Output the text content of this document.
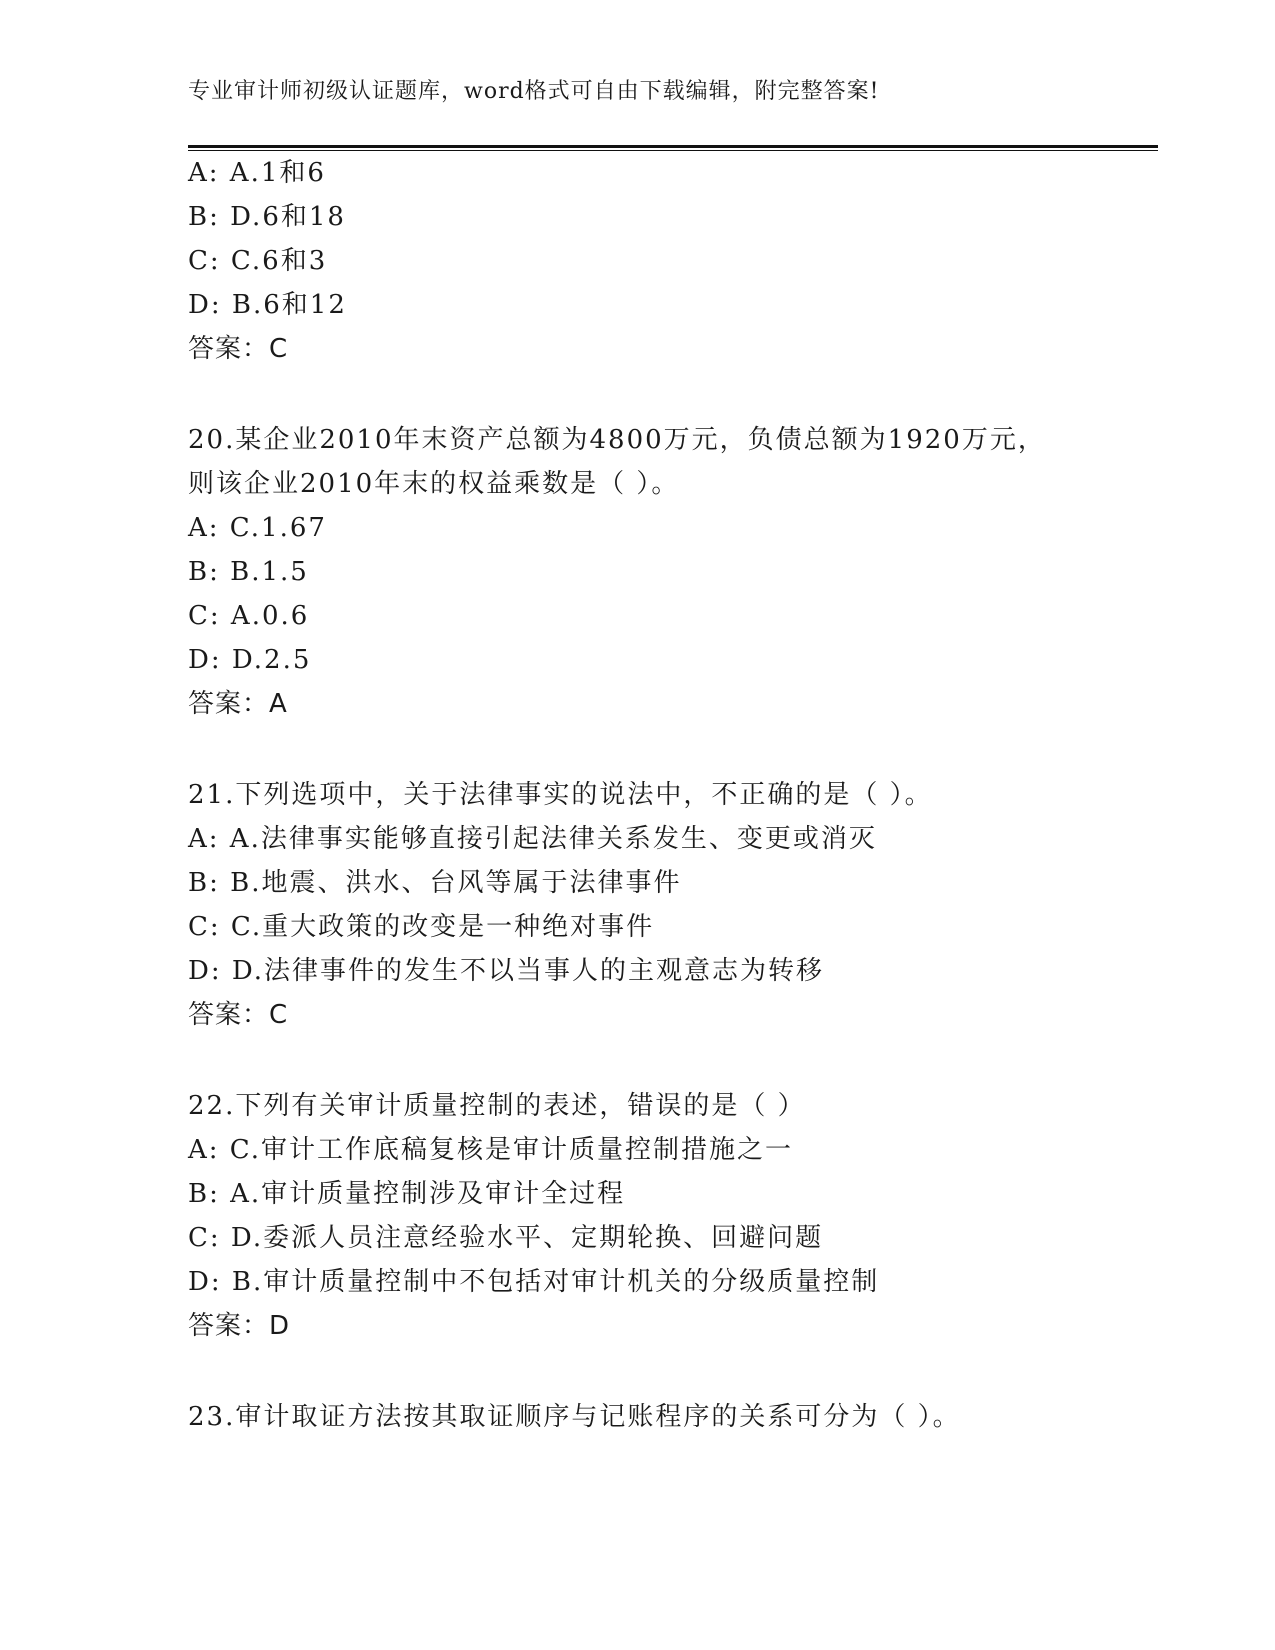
专业审计师初级认证题库，word格式可自由下载编辑，附完整答案!
A: A.1和6
B: D.6和18
C: C.6和3
D: B.6和12
答案：C
20.某企业2010年末资产总额为4800万元，负债总额为1920万元，
则该企业2010年末的权益乘数是（ ）。
A: C.1.67
B: B.1.5
C: A.0.6
D: D.2.5
答案：A
21.下列选项中，关于法律事实的说法中，不正确的是（ ）。
A: A.法律事实能够直接引起法律关系发生、变更或消灭
B: B.地震、洪水、台风等属于法律事件
C: C.重大政策的改变是一种绝对事件
D: D.法律事件的发生不以当事人的主观意志为转移
答案：C
22.下列有关审计质量控制的表述，错误的是（ ）
A: C.审计工作底稿复核是审计质量控制措施之一
B: A.审计质量控制涉及审计全过程
C: D.委派人员注意经验水平、定期轮换、回避问题
D: B.审计质量控制中不包括对审计机关的分级质量控制
答案：D
23.审计取证方法按其取证顺序与记账程序的关系可分为（ ）。
